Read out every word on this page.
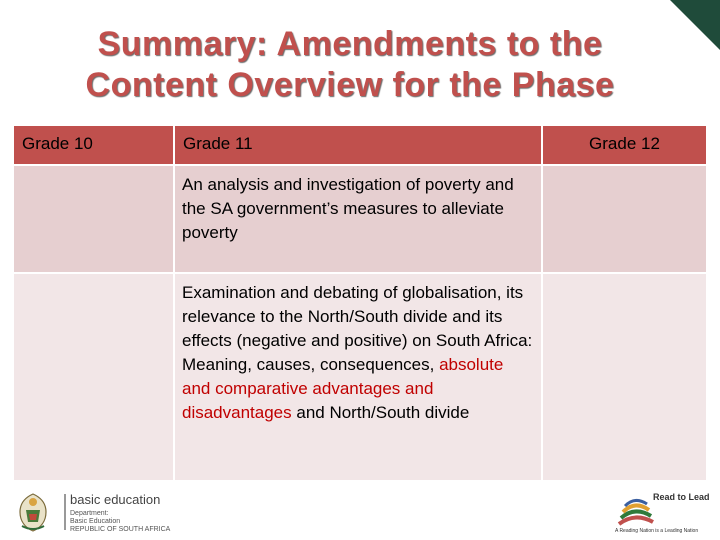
Summary: Amendments to the
Content Overview for the Phase
Grade 10	Grade 11	Grade 12

	An analysis and investigation of poverty and the SA government’s measures to alleviate poverty	

	Examination and debating of globalisation, its relevance to the North/South divide and its effects (negative and positive) on South Africa: Meaning, causes, consequences, absolute and comparative advantages and disadvantages and North/South divide	

basic education
Department:
Basic Education
REPUBLIC OF SOUTH AFRICA
Read to Lead
A Reading Nation is a Leading Nation
